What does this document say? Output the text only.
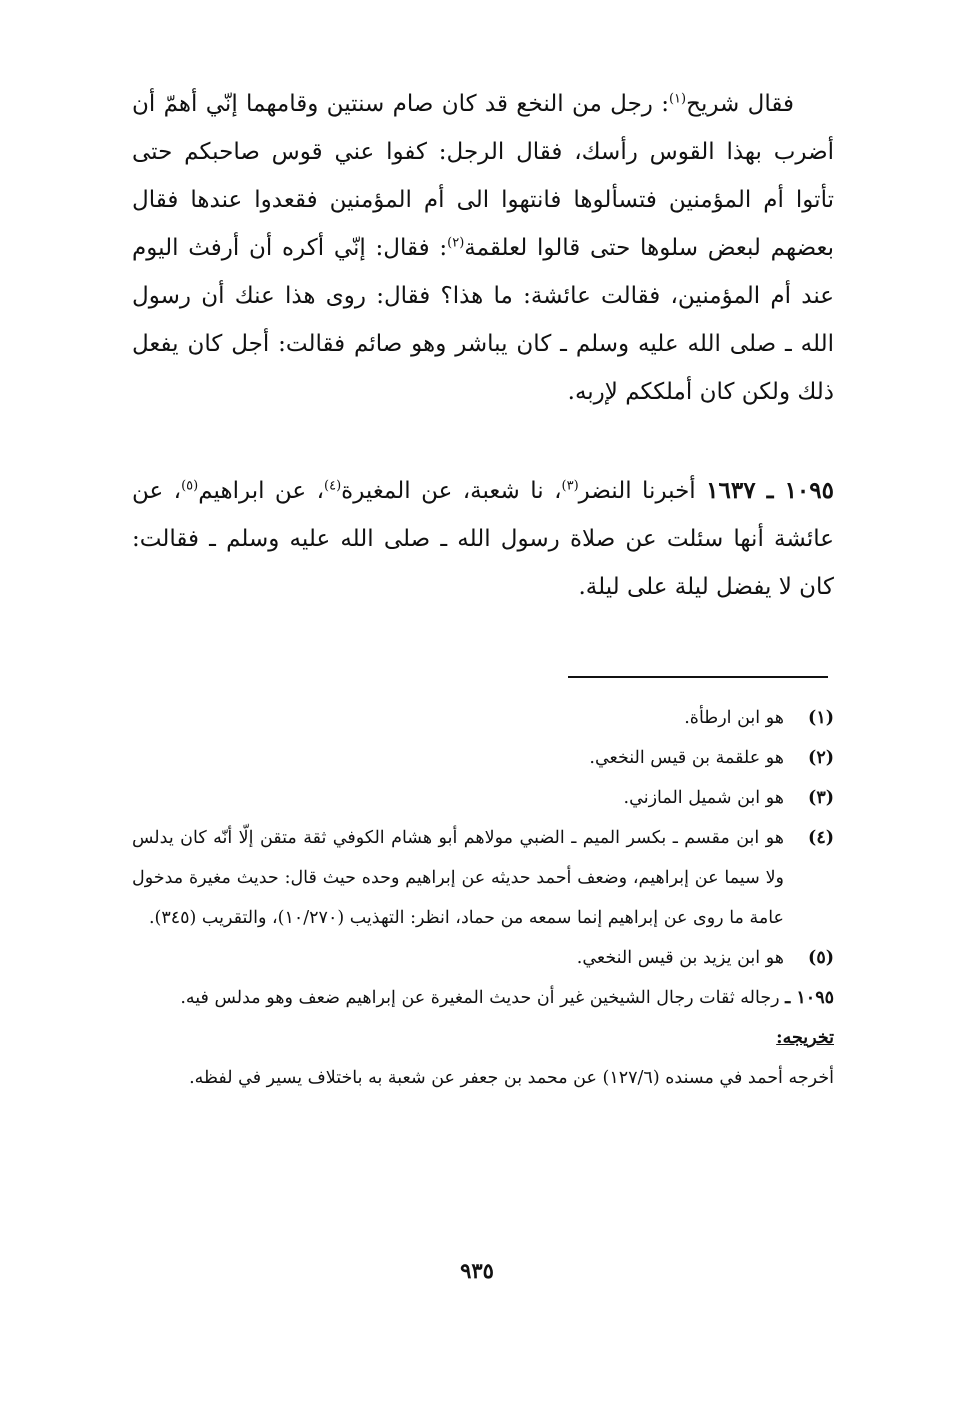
فقال شريح$^{(١)}$: رجل من النخع قد كان صام سنتين وقامهما إنّي أهمّ أن أضرب بهذا القوس رأسك، فقال الرجل: كفوا عني قوس صاحبكم حتى تأتوا أم المؤمنين فتسألوها فانتهوا الى أم المؤمنين فقعدوا عندها فقال بعضهم لبعض سلوها حتى قالوا لعلقمة$^{(٢)}$: فقال: إنّي أكره أن أرفث اليوم عند أم المؤمنين، فقالت عائشة: ما هذا؟ فقال: روى هذا عنك أن رسول الله ـ صلى الله عليه وسلم ـ كان يباشر وهو صائم فقالت: أجل كان يفعل ذلك ولكن كان أملككم لإربه.

١٠٩٥ ـ ١٦٣٧ أخبرنا النضر$^{(٣)}$، نا شعبة، عن المغيرة$^{(٤)}$، عن ابراهيم$^{(٥)}$، عن عائشة أنها سئلت عن صلاة رسول الله ـ صلى الله عليه وسلم ـ فقالت: كان لا يفضل ليلة على ليلة.

(١)
هو ابن ارطأة.
(٢)
هو علقمة بن قيس النخعي.
(٣)
هو ابن شميل المازني.
(٤)
هو ابن مقسم ـ بكسر الميم ـ الضبي مولاهم أبو هشام الكوفي ثقة متقن إلّا أنّه كان يدلس ولا سيما عن إبراهيم، وضعف أحمد حديثه عن إبراهيم وحده حيث قال: حديث مغيرة مدخول عامة ما روى عن إبراهيم إنما سمعه من حماد، انظر: التهذيب (١٠/٢٧٠)، والتقريب (٣٤٥).
(٥)
هو ابن يزيد بن قيس النخعي.
١٠٩٥ ـ رجاله ثقات رجال الشيخين غير أن حديث المغيرة عن إبراهيم ضعف وهو مدلس فيه.
تخريجه:
أخرجه أحمد في مسنده (١٢٧/٦) عن محمد بن جعفر عن شعبة به باختلاف يسير في لفظه.
٩٣٥
